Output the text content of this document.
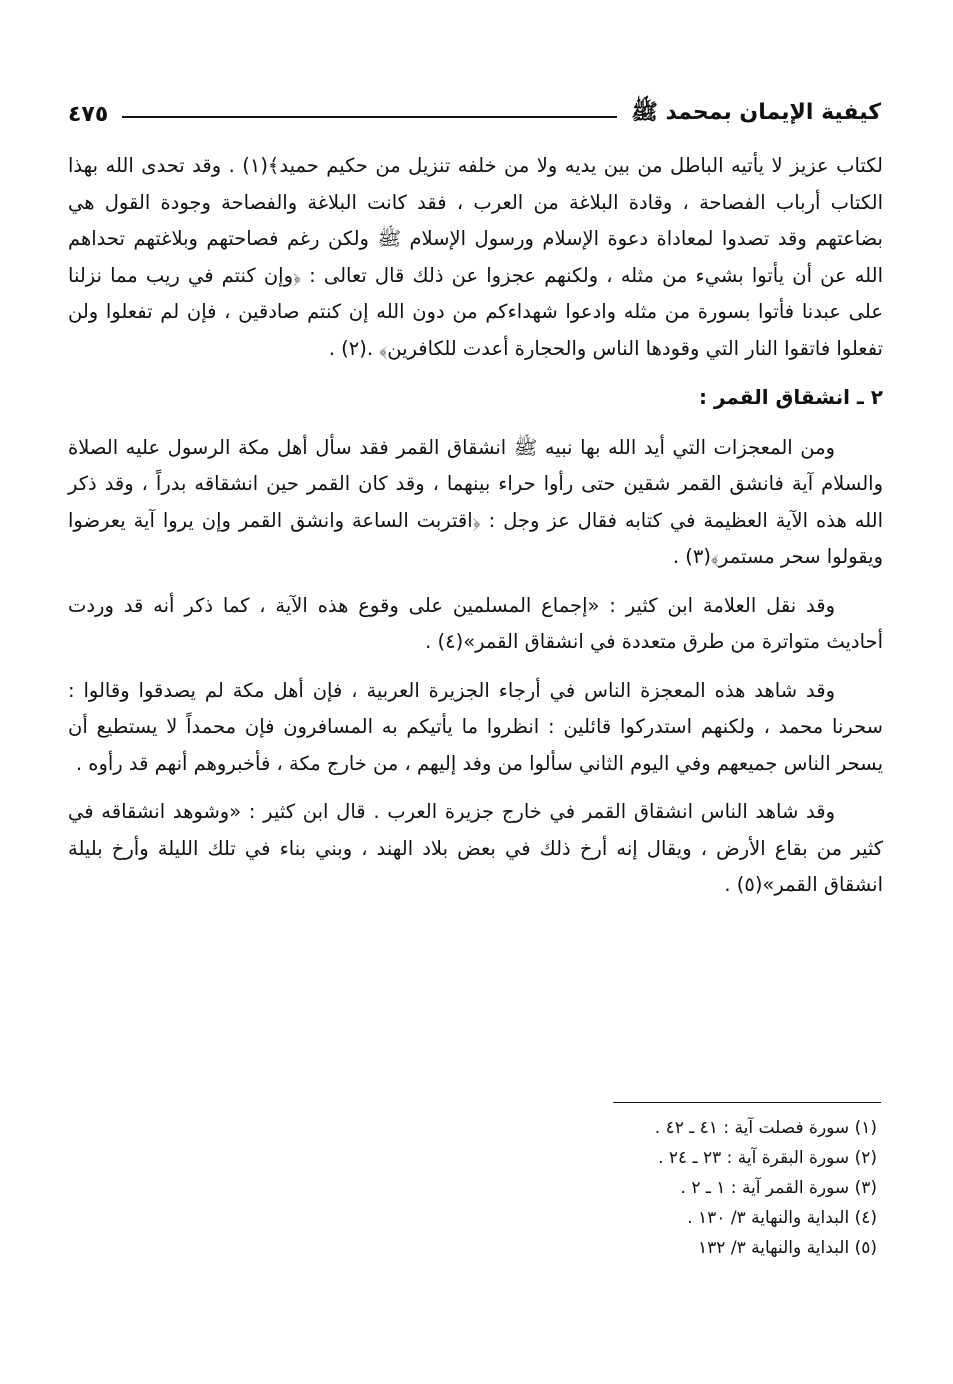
كيفية الإيمان بمحمد ﷺ
٤٧٥

لكتاب عزيز لا يأتيه الباطل من بين يديه ولا من خلفه تنزيل من حكيم حميد﴾(١) . وقد تحدى الله بهذا الكتاب أرباب الفصاحة ، وقادة البلاغة من العرب ، فقد كانت البلاغة والفصاحة وجودة القول هي بضاعتهم وقد تصدوا لمعاداة دعوة الإسلام ورسول الإسلام ﷺ ولكن رغم فصاحتهم وبلاغتهم تحداهم الله عن أن يأتوا بشيء من مثله ، ولكنهم عجزوا عن ذلك قال تعالى : ﴿وإن كنتم في ريب مما نزلنا على عبدنا فأتوا بسورة من مثله وادعوا شهداءكم من دون الله إن كنتم صادقين ، فإن لم تفعلوا ولن تفعلوا فاتقوا النار التي وقودها الناس والحجارة أعدت للكافرين﴾ .(٢) .

٢ ـ انشقاق القمر :

ومن المعجزات التي أيد الله بها نبيه ﷺ انشقاق القمر فقد سأل أهل مكة الرسول عليه الصلاة والسلام آية فانشق القمر شقين حتى رأوا حراء بينهما ، وقد كان القمر حين انشقاقه بدراً ، وقد ذكر الله هذه الآية العظيمة في كتابه فقال عز وجل : ﴿اقتربت الساعة وانشق القمر وإن يروا آية يعرضوا ويقولوا سحر مستمر﴾(٣) .

وقد نقل العلامة ابن كثير : «إجماع المسلمين على وقوع هذه الآية ، كما ذكر أنه قد وردت أحاديث متواترة من طرق متعددة في انشقاق القمر»(٤) .

وقد شاهد هذه المعجزة الناس في أرجاء الجزيرة العربية ، فإن أهل مكة لم يصدقوا وقالوا : سحرنا محمد ، ولكنهم استدركوا قائلين : انظروا ما يأتيكم به المسافرون فإن محمداً لا يستطيع أن يسحر الناس جميعهم وفي اليوم الثاني سألوا من وفد إليهم ، من خارج مكة ، فأخبروهم أنهم قد رأوه .

وقد شاهد الناس انشقاق القمر في خارج جزيرة العرب . قال ابن كثير : «وشوهد انشقاقه في كثير من بقاع الأرض ، ويقال إنه أرخ ذلك في بعض بلاد الهند ، وبني بناء في تلك الليلة وأرخ بليلة انشقاق القمر»(٥) .

(١) سورة فصلت آية : ٤١ ـ ٤٢ .
(٢) سورة البقرة آية : ٢٣ ـ ٢٤ .
(٣) سورة القمر آية : ١ ـ ٢ .
(٤) البداية والنهاية ٣/ ١٣٠ .
(٥) البداية والنهاية ٣/ ١٣٢
